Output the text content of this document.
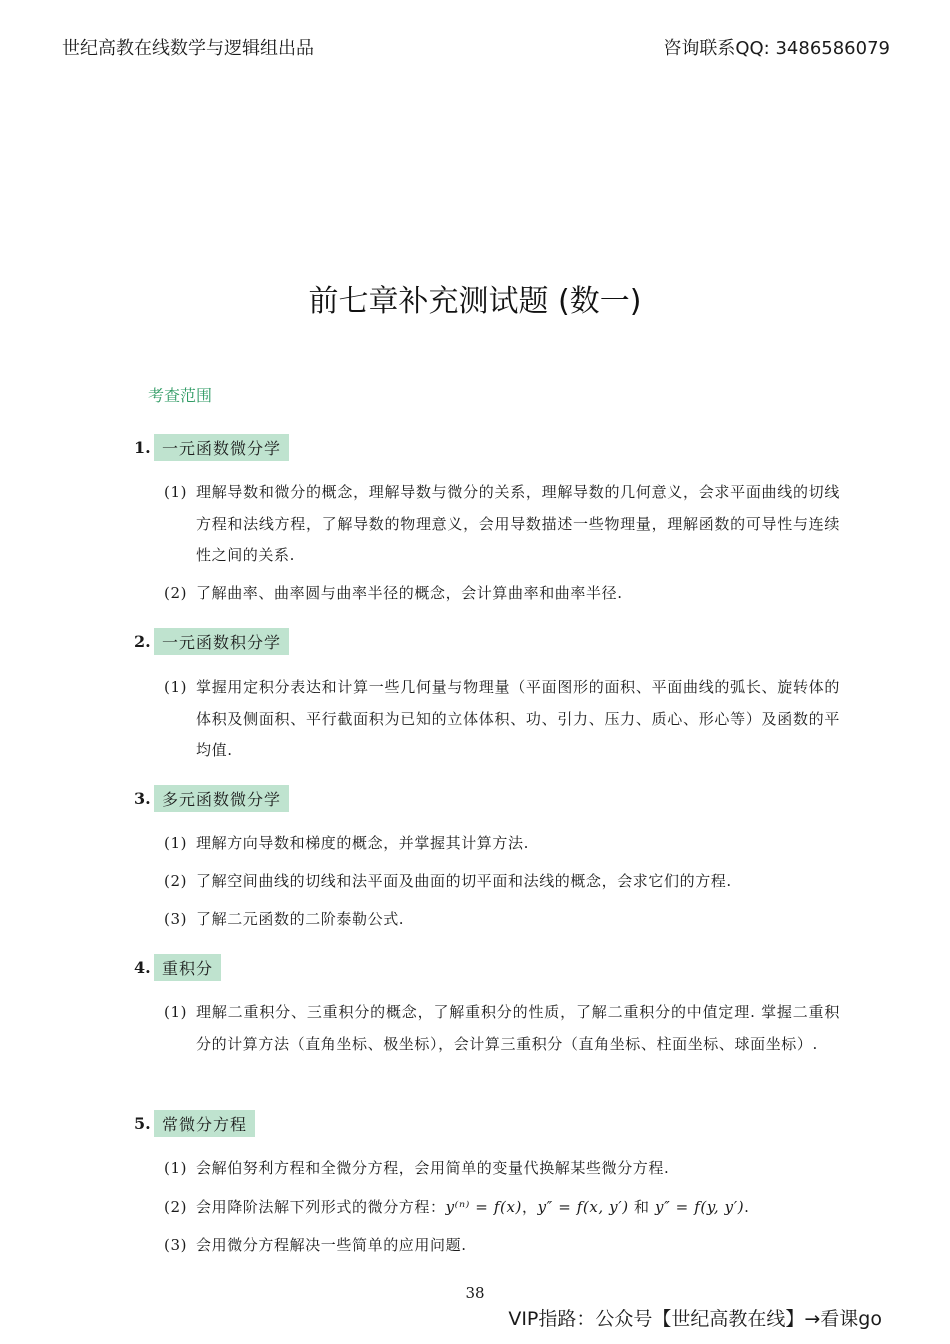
世纪高教在线数学与逻辑组出品	咨询联系QQ: 3486586079
前七章补充测试题 (数一)
考查范围
1. 一元函数微分学
(1) 理解导数和微分的概念，理解导数与微分的关系，理解导数的几何意义，会求平面曲线的切线方程和法线方程，了解导数的物理意义，会用导数描述一些物理量，理解函数的可导性与连续性之间的关系.
(2) 了解曲率、曲率圆与曲率半径的概念，会计算曲率和曲率半径.
2. 一元函数积分学
(1) 掌握用定积分表达和计算一些几何量与物理量（平面图形的面积、平面曲线的弧长、旋转体的体积及侧面积、平行截面积为已知的立体体积、功、引力、压力、质心、形心等）及函数的平均值.
3. 多元函数微分学
(1) 理解方向导数和梯度的概念，并掌握其计算方法.
(2) 了解空间曲线的切线和法平面及曲面的切平面和法线的概念，会求它们的方程.
(3) 了解二元函数的二阶泰勒公式.
4. 重积分
(1) 理解二重积分、三重积分的概念，了解重积分的性质，了解二重积分的中值定理. 掌握二重积分的计算方法（直角坐标、极坐标），会计算三重积分（直角坐标、柱面坐标、球面坐标）.
5. 常微分方程
(1) 会解伯努利方程和全微分方程，会用简单的变量代换解某些微分方程.
(2) 会用降阶法解下列形式的微分方程：y⁽ⁿ⁾ = f(x)，y″ = f(x, y′) 和 y″ = f(y, y′).
(3) 会用微分方程解决一些简单的应用问题.
38
VIP指路：公众号【世纪高教在线】→看课go
